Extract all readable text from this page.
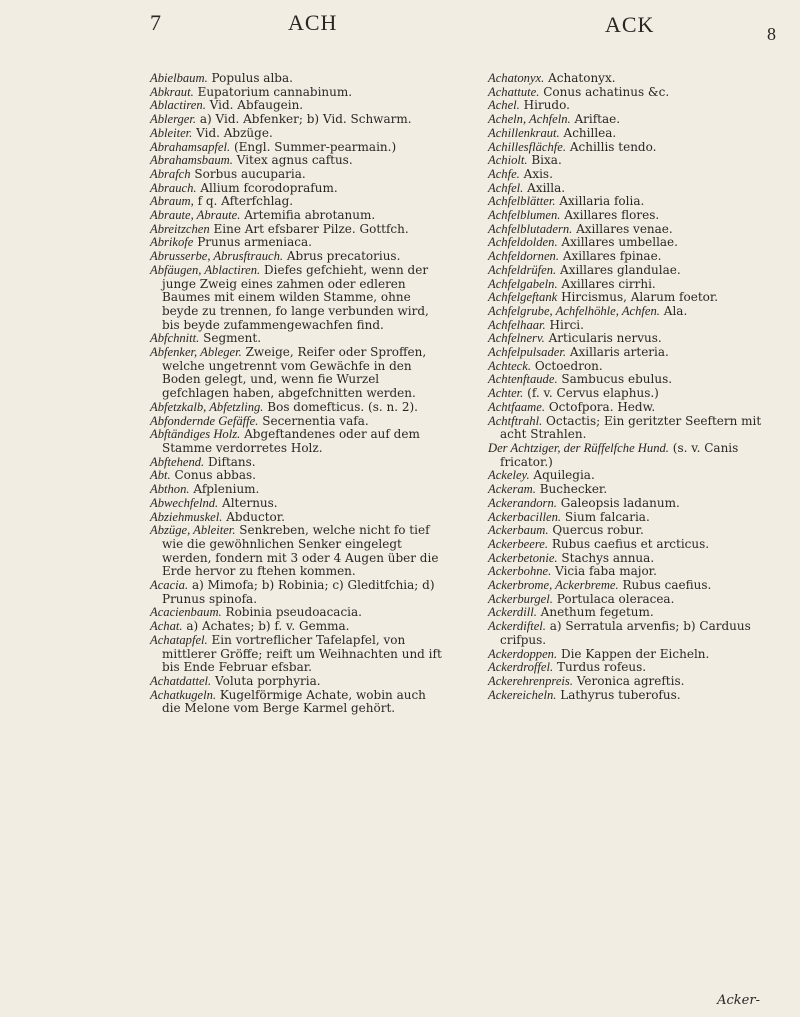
7	ACH	ACK	8

Abielbaum. Populus alba.

Abkraut. Eupatorium cannabinum.

Ablactiren. Vid. Abfaugein.

Ablerger. a) Vid. Abfenker; b) Vid. Schwarm.

Ableiter. Vid. Abzüge.

Abrahamsapfel. (Engl. Summer-pearmain.)

Abrahamsbaum. Vitex agnus caftus.

Abrafch Sorbus aucuparia.

Abrauch. Allium fcorodoprafum.

Abraum, f q. Afterfchlag.

Abraute, Abraute. Artemifia abrotanum.

Abreitzchen Eine Art efsbarer Pilze. Gottfch.

Abrikofe Prunus armeniaca.

Abrusserbe, Abrusftrauch. Abrus precatorius.

Abfäugen, Ablactiren. Diefes gefchieht, wenn der junge Zweig eines zahmen oder edleren Baumes mit einem wilden Stamme, ohne beyde zu trennen, fo lange verbunden wird, bis beyde zufammengewachfen find.

Abfchnitt. Segment.

Abfenker, Ableger. Zweige, Reifer oder Sproffen, welche ungetrennt vom Gewächfe in den Boden gelegt, und, wenn fie Wurzel gefchlagen haben, abgefchnitten werden.

Abfetzkalb, Abfetzling. Bos domefticus. (s. n. 2).

Abfondernde Gefäffe. Secernentia vafa.

Abftändiges Holz. Abgeftandenes oder auf dem Stamme verdorretes Holz.

Abftehend. Diftans.

Abt. Conus abbas.

Abthon. Afplenium.

Abwechfelnd. Alternus.

Abziehmuskel. Abductor.

Abzüge, Ableiter. Senkreben, welche nicht fo tief wie die gewöhnlichen Senker eingelegt werden, fondern mit 3 oder 4 Augen über die Erde hervor zu ftehen kommen.

Acacia. a) Mimofa; b) Robinia; c) Gleditfchia; d) Prunus spinofa.

Acacienbaum. Robinia pseudoacacia.

Achat. a) Achates; b) f. v. Gemma.

Achatapfel. Ein vortreflicher Tafelapfel, von mittlerer Gröffe; reift um Weihnachten und ift bis Ende Februar efsbar.

Achatdattel. Voluta porphyria.

Achatkugeln. Kugelförmige Achate, wobin auch die Melone vom Berge Karmel gehört.

Achatonyx. Achatonyx.

Achattute. Conus achatinus &c.

Achel. Hirudo.

Acheln, Achfeln. Ariftae.

Achillenkraut. Achillea.

Achillesflächfe. Achillis tendo.

Achiolt. Bixa.

Achfe. Axis.

Achfel. Axilla.

Achfelblätter. Axillaria folia.

Achfelblumen. Axillares flores.

Achfelblutadern. Axillares venae.

Achfeldolden. Axillares umbellae.

Achfeldornen. Axillares fpinae.

Achfeldrüfen. Axillares glandulae.

Achfelgabeln. Axillares cirrhi.

Achfelgeftank Hircismus, Alarum foetor.

Achfelgrube, Achfelhöhle, Achfen. Ala.

Achfelhaar. Hirci.

Achfelnerv. Articularis nervus.

Achfelpulsader. Axillaris arteria.

Achteck. Octoedron.

Achtenftaude. Sambucus ebulus.

Achter. (f. v. Cervus elaphus.)

Achtfaame. Octofpora. Hedw.

Achtftrahl. Octactis; Ein geritzter Seeftern mit acht Strahlen.

Der Achtziger, der Rüffelfche Hund. (s. v. Canis fricator.)

Ackeley. Aquilegia.

Ackeram. Buchecker.

Ackerandorn. Galeopsis ladanum.

Ackerbacillen. Sium falcaria.

Ackerbaum. Quercus robur.

Ackerbeere. Rubus caefius et arcticus.

Ackerbetonie. Stachys annua.

Ackerbohne. Vicia faba major.

Ackerbrome, Ackerbreme. Rubus caefius.

Ackerburgel. Portulaca oleracea.

Ackerdill. Anethum fegetum.

Ackerdiftel. a) Serratula arvenfis; b) Carduus crifpus.

Ackerdoppen. Die Kappen der Eicheln.

Ackerdroffel. Turdus rofeus.

Ackerehrenpreis. Veronica agreftis.

Ackereicheln. Lathyrus tuberofus.

Acker-
